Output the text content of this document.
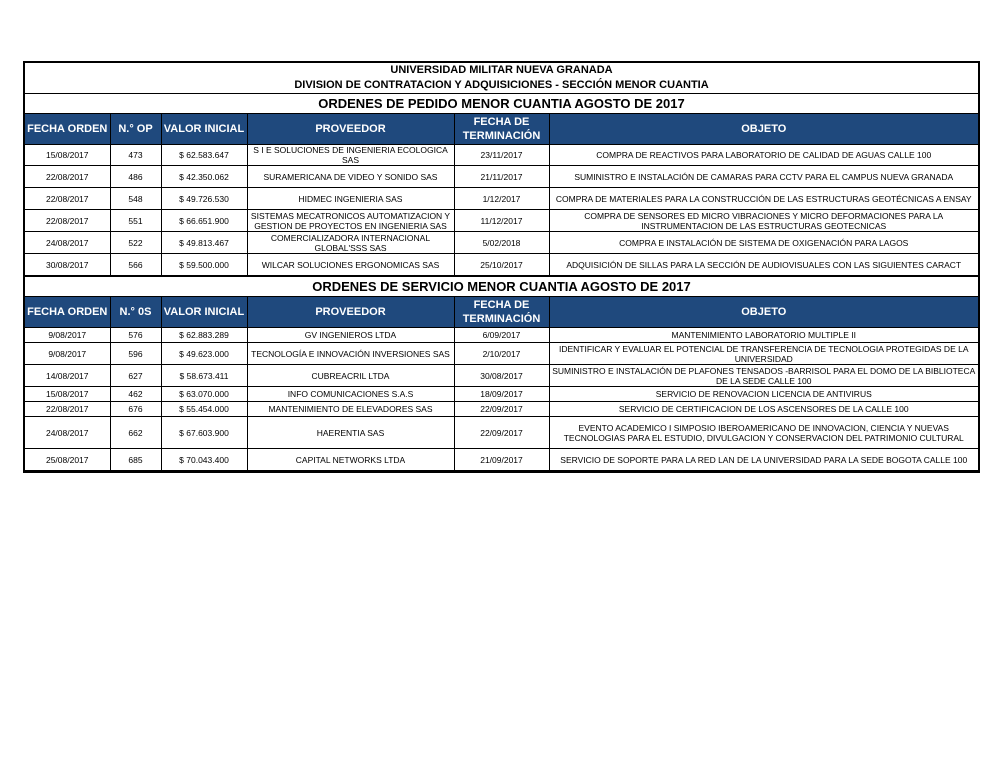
UNIVERSIDAD MILITAR NUEVA GRANADA
DIVISION DE CONTRATACION Y ADQUISICIONES - SECCIÓN MENOR CUANTIA
ORDENES DE PEDIDO MENOR CUANTIA AGOSTO DE 2017
FECHA ORDEN	N.° OP	VALOR INICIAL	PROVEEDOR	FECHA DE TERMINACIÓN	OBJETO
15/08/2017	473	$ 62.583.647	S I E SOLUCIONES DE INGENIERIA ECOLOGICA SAS	23/11/2017	COMPRA DE REACTIVOS PARA LABORATORIO DE CALIDAD DE AGUAS CALLE 100
22/08/2017	486	$ 42.350.062	SURAMERICANA DE VIDEO Y SONIDO SAS	21/11/2017	SUMINISTRO E INSTALACIÓN DE CAMARAS PARA CCTV PARA EL CAMPUS NUEVA GRANADA
22/08/2017	548	$ 49.726.530	HIDMEC INGENIERIA SAS	1/12/2017	COMPRA DE MATERIALES PARA LA CONSTRUCCIÓN DE LAS ESTRUCTURAS GEOTÉCNICAS A ENSAY
22/08/2017	551	$ 66.651.900	SISTEMAS MECATRONICOS AUTOMATIZACION Y GESTION DE PROYECTOS EN INGENIERIA SAS	11/12/2017	COMPRA DE SENSORES ED MICRO VIBRACIONES Y MICRO DEFORMACIONES PARA LA INSTRUMENTACION DE LAS ESTRUCTURAS GEOTECNICAS
24/08/2017	522	$ 49.813.467	COMERCIALIZADORA INTERNACIONAL GLOBAL'SSS SAS	5/02/2018	COMPRA E INSTALACIÓN DE SISTEMA DE OXIGENACIÓN PARA LAGOS
30/08/2017	566	$ 59.500.000	WILCAR SOLUCIONES ERGONOMICAS SAS	25/10/2017	ADQUISICIÓN DE SILLAS PARA LA SECCIÓN DE AUDIOVISUALES CON LAS SIGUIENTES CARACT
ORDENES DE SERVICIO MENOR CUANTIA AGOSTO DE 2017
FECHA ORDEN	N.° 0S	VALOR INICIAL	PROVEEDOR	FECHA DE TERMINACIÓN	OBJETO
9/08/2017	576	$ 62.883.289	GV INGENIEROS LTDA	6/09/2017	MANTENIMIENTO LABORATORIO MULTIPLE II
9/08/2017	596	$ 49.623.000	TECNOLOGÍA E INNOVACIÓN INVERSIONES SAS	2/10/2017	IDENTIFICAR Y EVALUAR EL POTENCIAL DE TRANSFERENCIA DE TECNOLOGIA PROTEGIDAS DE LA UNIVERSIDAD
14/08/2017	627	$ 58.673.411	CUBREACRIL LTDA	30/08/2017	SUMINISTRO E INSTALACIÓN DE PLAFONES TENSADOS -BARRISOL PARA EL DOMO DE LA BIBLIOTECA DE LA SEDE CALLE 100
15/08/2017	462	$ 63.070.000	INFO COMUNICACIONES S.A.S	18/09/2017	SERVICIO DE RENOVACION LICENCIA DE ANTIVIRUS
22/08/2017	676	$ 55.454.000	MANTENIMIENTO DE ELEVADORES SAS	22/09/2017	SERVICIO DE CERTIFICACION DE LOS ASCENSORES DE LA CALLE 100
24/08/2017	662	$ 67.603.900	HAERENTIA SAS	22/09/2017	EVENTO ACADEMICO I SIMPOSIO IBEROAMERICANO DE INNOVACION, CIENCIA Y NUEVAS TECNOLOGIAS PARA EL ESTUDIO, DIVULGACION Y CONSERVACION DEL PATRIMONIO CULTURAL
25/08/2017	685	$ 70.043.400	CAPITAL NETWORKS LTDA	21/09/2017	SERVICIO DE SOPORTE PARA LA RED LAN DE LA UNIVERSIDAD PARA LA SEDE BOGOTA CALLE 100
